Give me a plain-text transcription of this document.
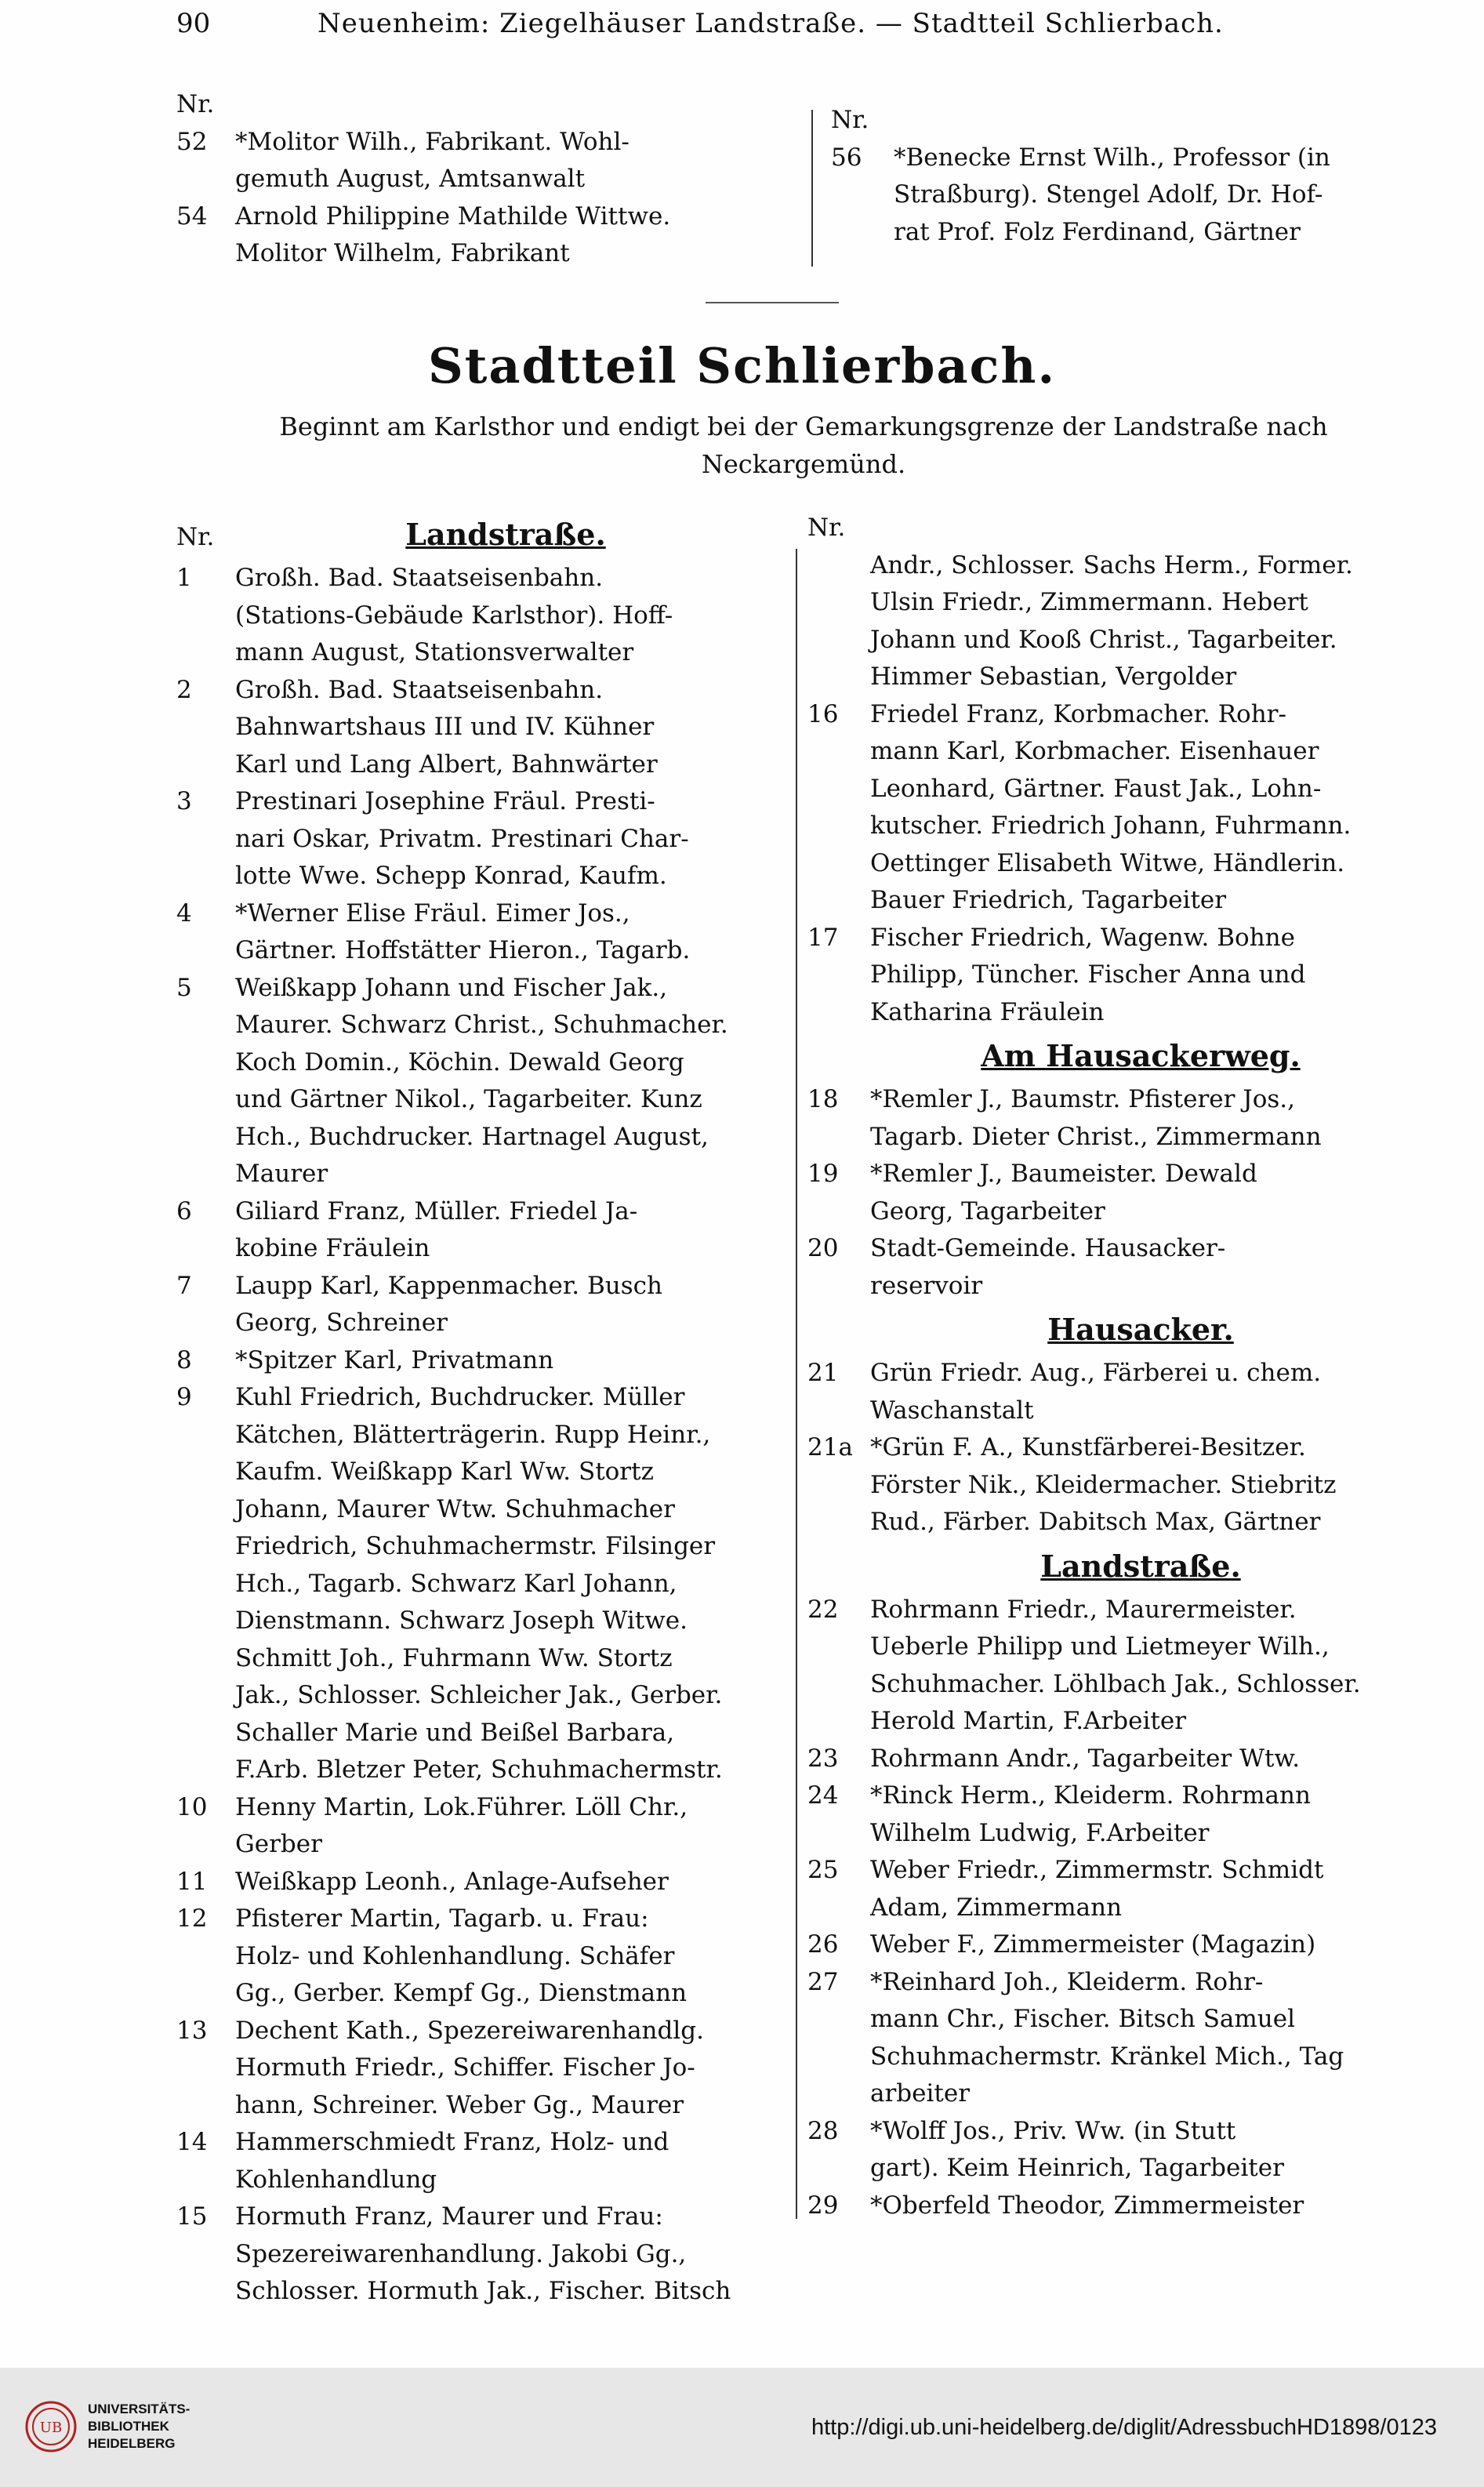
90	Neuenheim: Ziegelhäuser Landstraße. — Stadtteil Schlierbach.
Nr.
52	*Molitor Wilh., Fabrikant. Wohl-
gemuth August, Amtsanwalt
54	Arnold Philippine Mathilde Wittwe.
Molitor Wilhelm, Fabrikant
Nr.
56	*Benecke Ernst Wilh., Professor (in
Straßburg). Stengel Adolf, Dr. Hof-
rat Prof. Folz Ferdinand, Gärtner
Stadtteil Schlierbach.
Beginnt am Karlsthor und endigt bei der Gemarkungsgrenze der Landstraße nach Neckargemünd.
Nr.	Landstraße.
1	Großh. Bad. Staatseisenbahn.
(Stations-Gebäude Karlsthor). Hoff-
mann August, Stationsverwalter
2	Großh. Bad. Staatseisenbahn.
Bahnwartshaus III und IV. Kühner
Karl und Lang Albert, Bahnwärter
3	Prestinari Josephine Fräul. Presti-
nari Oskar, Privatm. Prestinari Char-
lotte Wwe. Schepp Konrad, Kaufm.
4	*Werner Elise Fräul. Eimer Jos.,
Gärtner. Hoffstätter Hieron., Tagarb.
5	Weißkapp Johann und Fischer Jak.,
Maurer. Schwarz Christ., Schuhmacher.
Koch Domin., Köchin. Dewald Georg
und Gärtner Nikol., Tagarbeiter. Kunz
Hch., Buchdrucker. Hartnagel August,
Maurer
6	Giliard Franz, Müller. Friedel Ja-
kobine Fräulein
7	Laupp Karl, Kappenmacher. Busch
Georg, Schreiner
8	*Spitzer Karl, Privatmann
9	Kuhl Friedrich, Buchdrucker. Müller
Kätchen, Blätterträgerin. Rupp Heinr.,
Kaufm. Weißkapp Karl Ww. Stortz
Johann, Maurer Wtw. Schuhmacher
Friedrich, Schuhmachermstr. Filsinger
Hch., Tagarb. Schwarz Karl Johann,
Dienstmann. Schwarz Joseph Witwe.
Schmitt Joh., Fuhrmann Ww. Stortz
Jak., Schlosser. Schleicher Jak., Gerber.
Schaller Marie und Beißel Barbara,
F.Arb. Bletzer Peter, Schuhmachermstr.
10	Henny Martin, Lok.Führer. Löll Chr.,
Gerber
11	Weißkapp Leonh., Anlage-Aufseher
12	Pfisterer Martin, Tagarb. u. Frau:
Holz- und Kohlenhandlung. Schäfer
Gg., Gerber. Kempf Gg., Dienstmann
13	Dechent Kath., Spezereiwarenhandlg.
Hormuth Friedr., Schiffer. Fischer Jo-
hann, Schreiner. Weber Gg., Maurer
14	Hammerschmiedt Franz, Holz- und
Kohlenhandlung
15	Hormuth Franz, Maurer und Frau:
Spezereiwarenhandlung. Jakobi Gg.,
Schlosser. Hormuth Jak., Fischer. Bitsch
Nr.
Andr., Schlosser. Sachs Herm., Former.
Ulsin Friedr., Zimmermann. Hebert
Johann und Kooß Christ., Tagarbeiter.
Himmer Sebastian, Vergolder
16	Friedel Franz, Korbmacher. Rohr-
mann Karl, Korbmacher. Eisenhauer
Leonhard, Gärtner. Faust Jak., Lohn-
kutscher. Friedrich Johann, Fuhrmann.
Oettinger Elisabeth Witwe, Händlerin.
Bauer Friedrich, Tagarbeiter
17	Fischer Friedrich, Wagenw. Bohne
Philipp, Tüncher. Fischer Anna und
Katharina Fräulein
Am Hausackerweg.
18	*Remler J., Baumstr. Pfisterer Jos.,
Tagarb. Dieter Christ., Zimmermann
19	*Remler J., Baumeister. Dewald
Georg, Tagarbeiter
20	Stadt-Gemeinde. Hausacker-
reservoir
Hausacker.
21	Grün Friedr. Aug., Färberei u. chem.
Waschanstalt
21a *Grün F. A., Kunstfärberei-Besitzer.
Förster Nik., Kleidermacher. Stiebritz
Rud., Färber. Dabitsch Max, Gärtner
Landstraße.
22	Rohrmann Friedr., Maurermeister.
Ueberle Philipp und Lietmeyer Wilh.,
Schuhmacher. Löhlbach Jak., Schlosser.
Herold Martin, F.Arbeiter
23	Rohrmann Andr., Tagarbeiter Wtw.
24	*Rinck Herm., Kleiderm. Rohrmann
Wilhelm Ludwig, F.Arbeiter
25	Weber Friedr., Zimmermstr. Schmidt
Adam, Zimmermann
26	Weber F., Zimmermeister (Magazin)
27	*Reinhard Joh., Kleiderm. Rohr-
mann Chr., Fischer. Bitsch Samuel
Schuhmachermstr. Kränkel Mich., Tag
arbeiter
28	*Wolff Jos., Priv. Ww. (in Stutt
gart). Keim Heinrich, Tagarbeiter
29	*Oberfeld Theodor, Zimmermeister
UB
UNIVERSITÄTS-
BIBLIOTHEK
HEIDELBERG
http://digi.ub.uni-heidelberg.de/diglit/AdressbuchHD1898/0123
